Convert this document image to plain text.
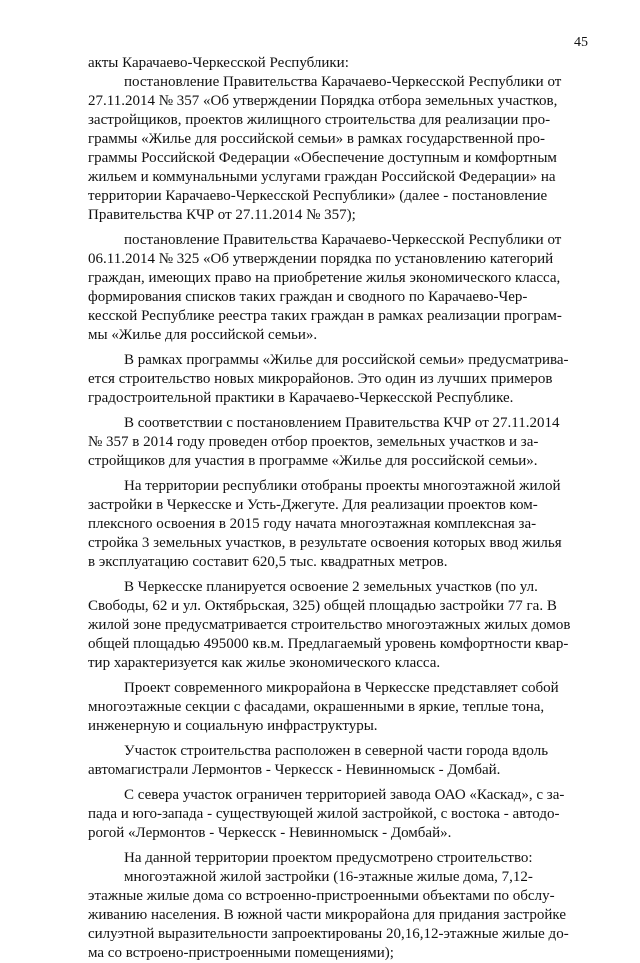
45

акты Карачаево-Черкесской Республики:
постановление Правительства Карачаево-Черкесской Республики от
27.11.2014 № 357 «Об утверждении Порядка отбора земельных участков,
застройщиков, проектов жилищного строительства для реализации про-
граммы «Жилье для российской семьи» в рамках государственной про-
граммы Российской Федерации «Обеспечение доступным и комфортным
жильем и коммунальными услугами граждан Российской Федерации» на
территории Карачаево-Черкесской Республики» (далее - постановление
Правительства КЧР от 27.11.2014 № 357);
постановление Правительства Карачаево-Черкесской Республики от
06.11.2014 № 325 «Об утверждении порядка по установлению категорий
граждан, имеющих право на приобретение жилья экономического класса,
формирования списков таких граждан и сводного по Карачаево-Чер-
кесской Республике реестра таких граждан в рамках реализации програм-
мы «Жилье для российской семьи».
В рамках программы «Жилье для российской семьи» предусматрива-
ется строительство новых микрорайонов. Это один из лучших примеров
градостроительной практики в Карачаево-Черкесской Республике.
В соответствии с постановлением Правительства КЧР от 27.11.2014
№ 357 в 2014 году проведен отбор проектов, земельных участков и за-
стройщиков для участия в программе «Жилье для российской семьи».
На территории республики отобраны проекты многоэтажной жилой
застройки в Черкесске и Усть-Джегуте. Для реализации проектов ком-
плексного освоения в 2015 году начата многоэтажная комплексная за-
стройка 3 земельных участков, в результате освоения которых ввод жилья
в эксплуатацию составит 620,5 тыс. квадратных метров.
В Черкесске планируется освоение 2 земельных участков (по ул.
Свободы, 62 и ул. Октябрьская, 325) общей площадью застройки 77 га. В
жилой зоне предусматривается строительство многоэтажных жилых домов
общей площадью 495000 кв.м. Предлагаемый уровень комфортности квар-
тир характеризуется как жилье экономического класса.
Проект современного микрорайона в Черкесске представляет собой
многоэтажные секции с фасадами, окрашенными в яркие, теплые тона,
инженерную и социальную инфраструктуры.
Участок строительства расположен в северной части города вдоль
автомагистрали Лермонтов - Черкесск - Невинномыск - Домбай.
С севера участок ограничен территорией завода ОАО «Каскад», с за-
пада и юго-запада - существующей жилой застройкой, с востока - автодо-
рогой «Лермонтов - Черкесск - Невинномыск - Домбай».
На данной территории проектом предусмотрено строительство:
многоэтажной жилой застройки (16-этажные жилые дома, 7,12-
этажные жилые дома со встроенно-пристроенными объектами по обслу-
живанию населения. В южной части микрорайона для придания застройке
силуэтной выразительности запроектированы 20,16,12-этажные жилые до-
ма со встроено-пристроенными помещениями);
